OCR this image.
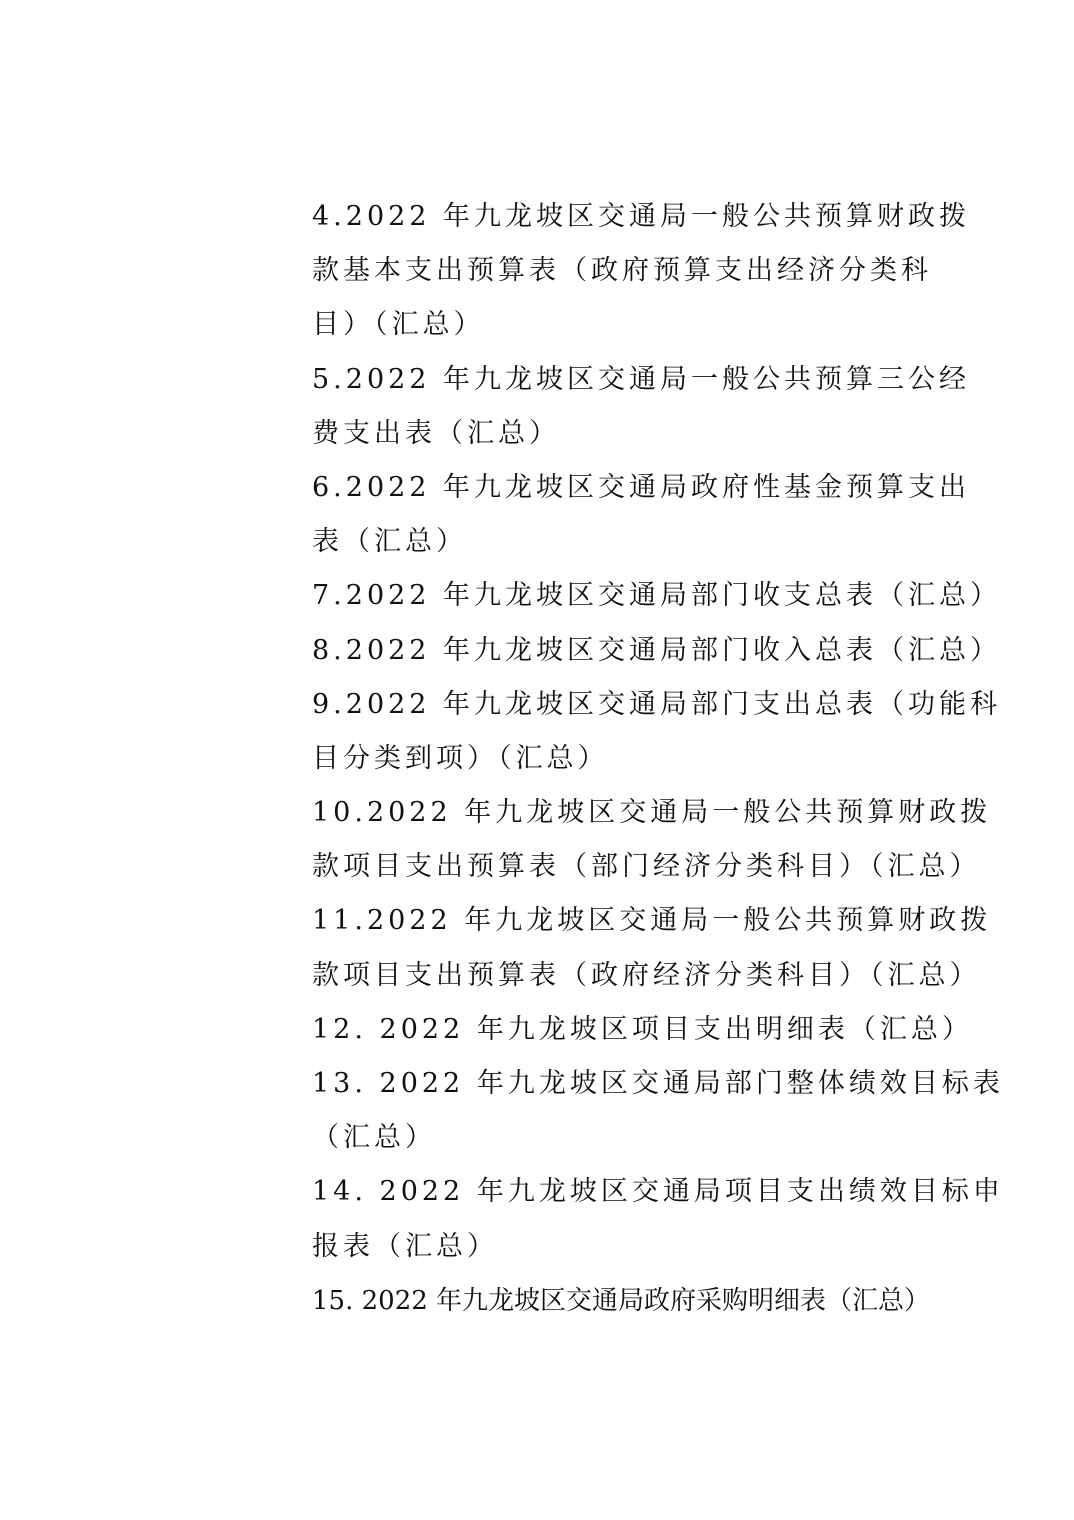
4.2022 年九龙坡区交通局一般公共预算财政拨
款基本支出预算表（政府预算支出经济分类科
目）（汇总）
5.2022 年九龙坡区交通局一般公共预算三公经
费支出表（汇总）
6.2022 年九龙坡区交通局政府性基金预算支出
表（汇总）
7.2022 年九龙坡区交通局部门收支总表（汇总）
8.2022 年九龙坡区交通局部门收入总表（汇总）
9.2022 年九龙坡区交通局部门支出总表（功能科
目分类到项）（汇总）
10.2022 年九龙坡区交通局一般公共预算财政拨
款项目支出预算表（部门经济分类科目）（汇总）
11.2022 年九龙坡区交通局一般公共预算财政拨
款项目支出预算表（政府经济分类科目）（汇总）
12. 2022 年九龙坡区项目支出明细表（汇总）
13. 2022 年九龙坡区交通局部门整体绩效目标表
（汇总）
14. 2022 年九龙坡区交通局项目支出绩效目标申
报表（汇总）
15. 2022 年九龙坡区交通局政府采购明细表（汇总）
